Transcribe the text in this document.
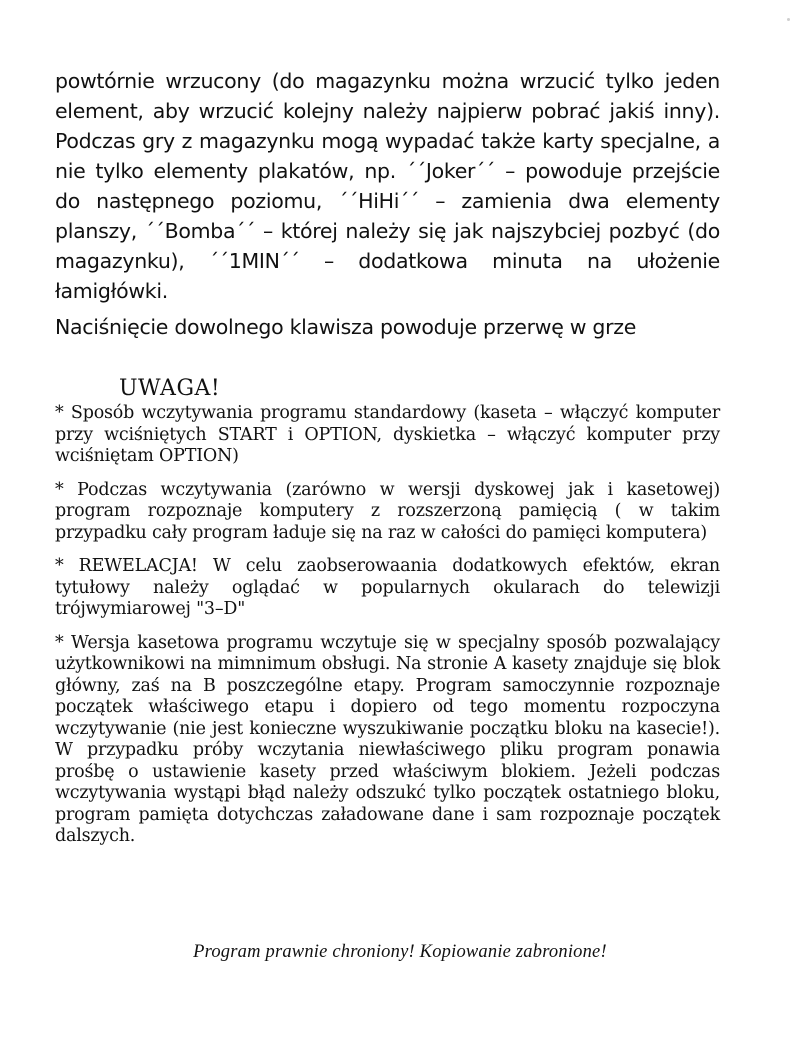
powtórnie wrzucony (do magazynku można wrzucić tylko jeden element, aby wrzucić kolejny należy najpierw pobrać jakiś inny). Podczas gry z magazynku mogą wypadać także karty specjalne, a nie tylko elementy plakatów, np. ´´Joker´´ – powoduje przejście do następnego poziomu, ´´HiHi´´ – zamienia dwa elementy planszy, ´´Bomba´´ – której należy się jak najszybciej pozbyć (do magazynku), ´´1MIN´´ – dodatkowa minuta na ułożenie łamigłówki.

Naciśnięcie dowolnego klawisza powoduje przerwę w grze

UWAGA!

* Sposób wczytywania programu standardowy (kaseta – włączyć komputer przy wciśniętych START i OPTION, dyskietka – włączyć komputer przy wciśniętam OPTION)

* Podczas wczytywania (zarówno w wersji dyskowej jak i kasetowej) program rozpoznaje komputery z rozszerzoną pamięcią ( w takim przypadku cały program ładuje się na raz w całości do pamięci komputera)

* REWELACJA! W celu zaobserowaania dodatkowych efektów, ekran tytułowy należy oglądać w popularnych okularach do telewizji trójwymiarowej "3–D"

* Wersja kasetowa programu wczytuje się w specjalny sposób pozwalający użytkownikowi na mimnimum obsługi. Na stronie A kasety znajduje się blok główny, zaś na B poszczególne etapy. Program samoczynnie rozpoznaje początek właściwego etapu i dopiero od tego momentu rozpoczyna wczytywanie (nie jest konieczne wyszukiwanie początku bloku na kasecie!). W przypadku próby wczytania niewłaściwego pliku program ponawia prośbę o ustawienie kasety przed właściwym blokiem. Jeżeli podczas wczytywania wystąpi błąd należy odszukć tylko początek ostatniego bloku, program pamięta dotychczas załadowane dane i sam rozpoznaje początek dalszych.

Program prawnie chroniony! Kopiowanie zabronione!
